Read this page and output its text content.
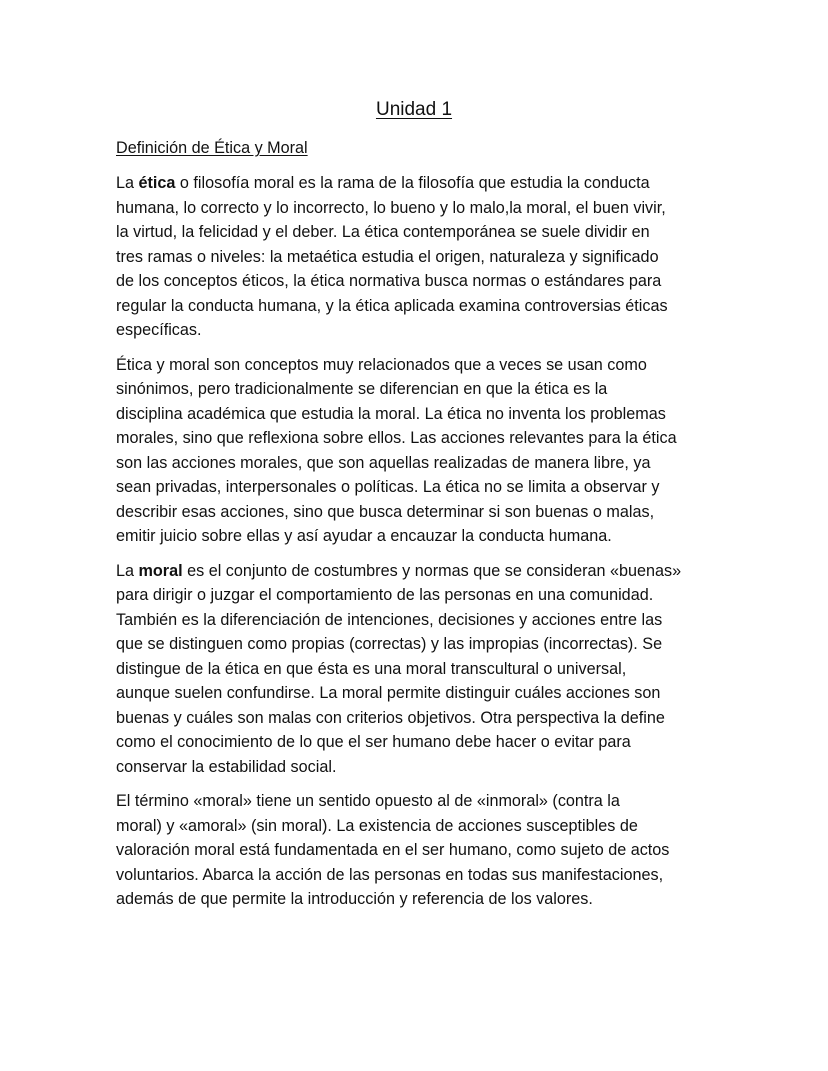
Unidad 1
Definición de Ética y Moral

La ética o filosofía moral es la rama de la filosofía que estudia la conducta
humana, lo correcto y lo incorrecto, lo bueno y lo malo,la moral, el buen vivir,
la virtud, la felicidad y el deber. La ética contemporánea se suele dividir en
tres ramas o niveles: la metaética estudia el origen, naturaleza y significado
de los conceptos éticos, la ética normativa busca normas o estándares para
regular la conducta humana, y la ética aplicada examina controversias éticas
específicas.

Ética y moral son conceptos muy relacionados que a veces se usan como
sinónimos, pero tradicionalmente se diferencian en que la ética es la
disciplina académica que estudia la moral. La ética no inventa los problemas
morales, sino que reflexiona sobre ellos. Las acciones relevantes para la ética
son las acciones morales, que son aquellas realizadas de manera libre, ya
sean privadas, interpersonales o políticas. La ética no se limita a observar y
describir esas acciones, sino que busca determinar si son buenas o malas,
emitir juicio sobre ellas y así ayudar a encauzar la conducta humana.

La moral es el conjunto de costumbres y normas que se consideran «buenas»
para dirigir o juzgar el comportamiento de las personas en una comunidad.
También es la diferenciación de intenciones, decisiones y acciones entre las
que se distinguen como propias (correctas) y las impropias (incorrectas). Se
distingue de la ética en que ésta es una moral transcultural o universal,
aunque suelen confundirse. La moral permite distinguir cuáles acciones son
buenas y cuáles son malas con criterios objetivos. Otra perspectiva la define
como el conocimiento de lo que el ser humano debe hacer o evitar para
conservar la estabilidad social.

El término «moral» tiene un sentido opuesto al de «inmoral» (contra la
moral) y «amoral» (sin moral). La existencia de acciones susceptibles de
valoración moral está fundamentada en el ser humano, como sujeto de actos
voluntarios. Abarca la acción de las personas en todas sus manifestaciones,
además de que permite la introducción y referencia de los valores.
